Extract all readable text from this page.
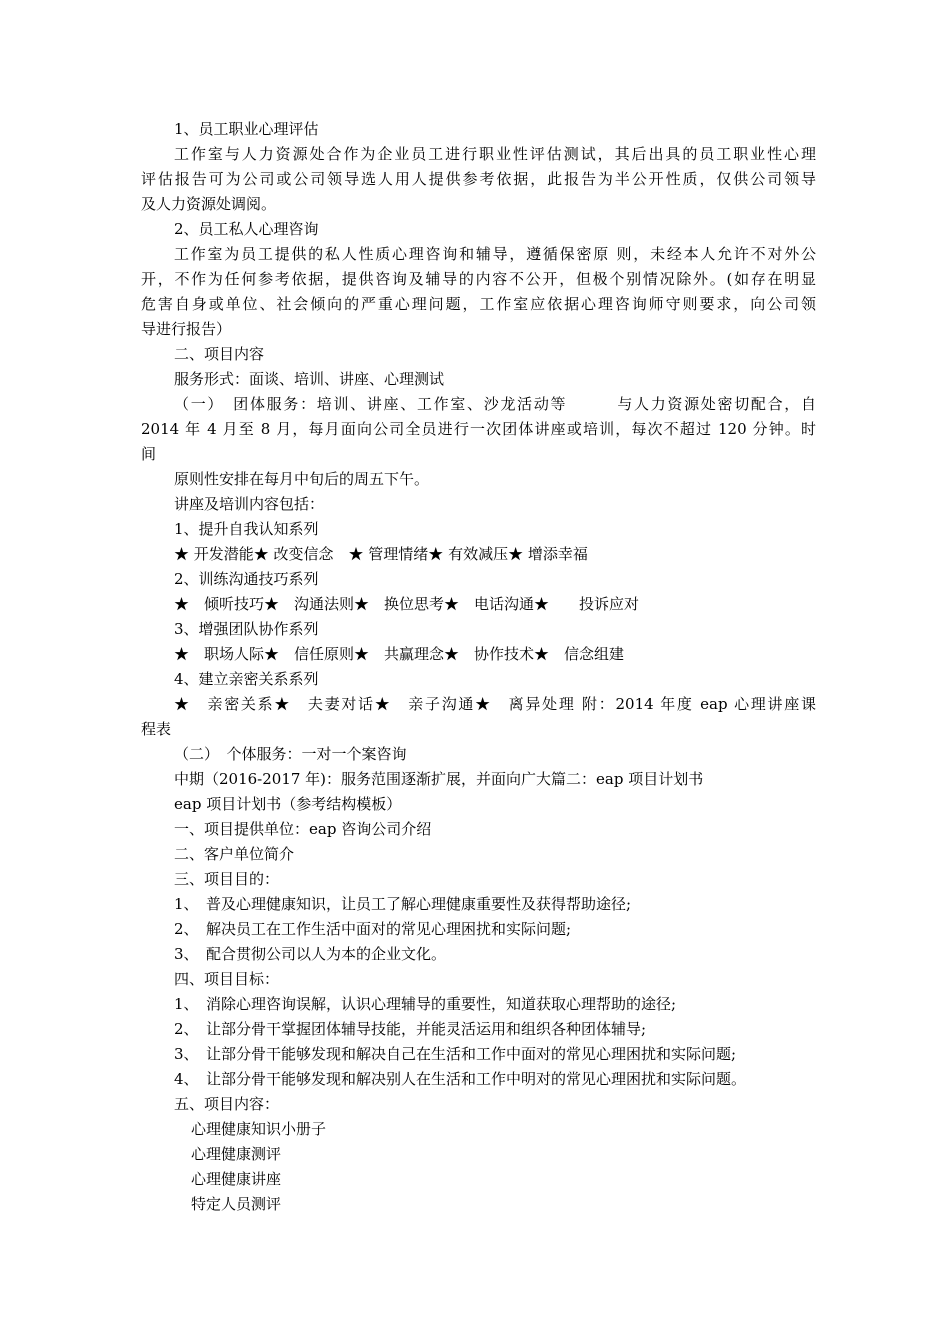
1、员工职业心理评估
工作室与人力资源处合作为企业员工进行职业性评估测试，其后出具的员工职业性心理
评估报告可为公司或公司领导选人用人提供参考依据，此报告为半公开性质，仅供公司领导
及人力资源处调阅。
2、员工私人心理咨询
工作室为员工提供的私人性质心理咨询和辅导，遵循保密原 则，未经本人允许不对外公
开，不作为任何参考依据，提供咨询及辅导的内容不公开，但极个别情况除外。(如存在明显
危害自身或单位、社会倾向的严重心理问题，工作室应依据心理咨询师守则要求，向公司领
导进行报告）
二、项目内容
服务形式：面谈、培训、讲座、心理测试
（一）　团体服务：培训、讲座、工作室、沙龙活动等　　　与人力资源处密切配合，自
2014 年 4 月至 8 月，每月面向公司全员进行一次团体讲座或培训，每次不超过 120 分钟。时
间
原则性安排在每月中旬后的周五下午。
讲座及培训内容包括：
1、提升自我认知系列
★ 开发潜能★ 改变信念　★ 管理情绪★ 有效减压★ 增添幸福
2、训练沟通技巧系列
★　倾听技巧★　沟通法则★　换位思考★　电话沟通★　　投诉应对
3、增强团队协作系列
★　职场人际★　信任原则★　共赢理念★　协作技术★　信念组建
4、建立亲密关系系列
★　亲密关系★　夫妻对话★　亲子沟通★　离异处理 附：2014 年度 eap 心理讲座课
程表
（二）　个体服务：一对一个案咨询
中期（2016-2017 年)：服务范围逐渐扩展，并面向广大篇二：eap 项目计划书
eap 项目计划书（参考结构模板）
一、项目提供单位：eap 咨询公司介绍
二、客户单位简介
三、项目目的：
1、　普及心理健康知识，让员工了解心理健康重要性及获得帮助途径;
2、　解决员工在工作生活中面对的常见心理困扰和实际问题;
3、　配合贯彻公司以人为本的企业文化。
四、项目目标：
1、　消除心理咨询误解，认识心理辅导的重要性，知道获取心理帮助的途径;
2、　让部分骨干掌握团体辅导技能，并能灵活运用和组织各种团体辅导;
3、　让部分骨干能够发现和解决自己在生活和工作中面对的常见心理困扰和实际问题;
4、　让部分骨干能够发现和解决别人在生活和工作中明对的常见心理困扰和实际问题。
五、项目内容：
心理健康知识小册子
心理健康测评
心理健康讲座
特定人员测评
